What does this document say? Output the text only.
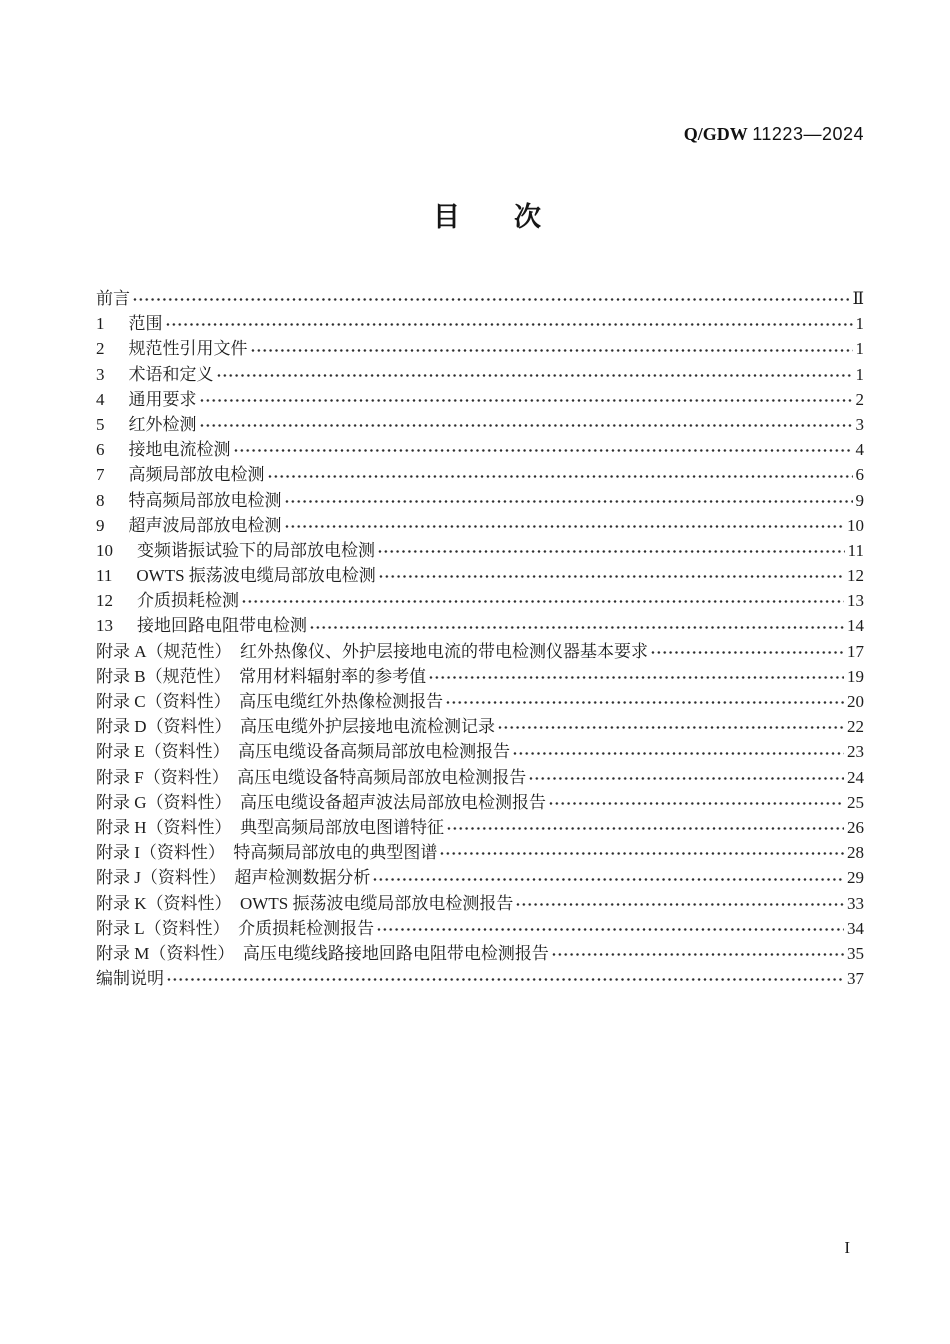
Q/GDW 11223—2024
目　　次
前言	Ⅱ
1 范围	1
2 规范性引用文件	1
3 术语和定义	1
4 通用要求	2
5 红外检测	3
6 接地电流检测	4
7 高频局部放电检测	6
8 特高频局部放电检测	9
9 超声波局部放电检测	10
10 变频谐振试验下的局部放电检测	11
11 OWTS 振荡波电缆局部放电检测	12
12 介质损耗检测	13
13 接地回路电阻带电检测	14
附录 A（规范性）　红外热像仪、外护层接地电流的带电检测仪器基本要求	17
附录 B（规范性）　常用材料辐射率的参考值	19
附录 C（资料性）　高压电缆红外热像检测报告	20
附录 D（资料性）　高压电缆外护层接地电流检测记录	22
附录 E（资料性）　高压电缆设备高频局部放电检测报告	23
附录 F（资料性）　高压电缆设备特高频局部放电检测报告	24
附录 G（资料性）　高压电缆设备超声波法局部放电检测报告	25
附录 H（资料性）　典型高频局部放电图谱特征	26
附录 I（资料性）　特高频局部放电的典型图谱	28
附录 J（资料性）　超声检测数据分析	29
附录 K（资料性）　OWTS 振荡波电缆局部放电检测报告	33
附录 L（资料性）　介质损耗检测报告	34
附录 M（资料性）　高压电缆线路接地回路电阻带电检测报告	35
编制说明	37
I
